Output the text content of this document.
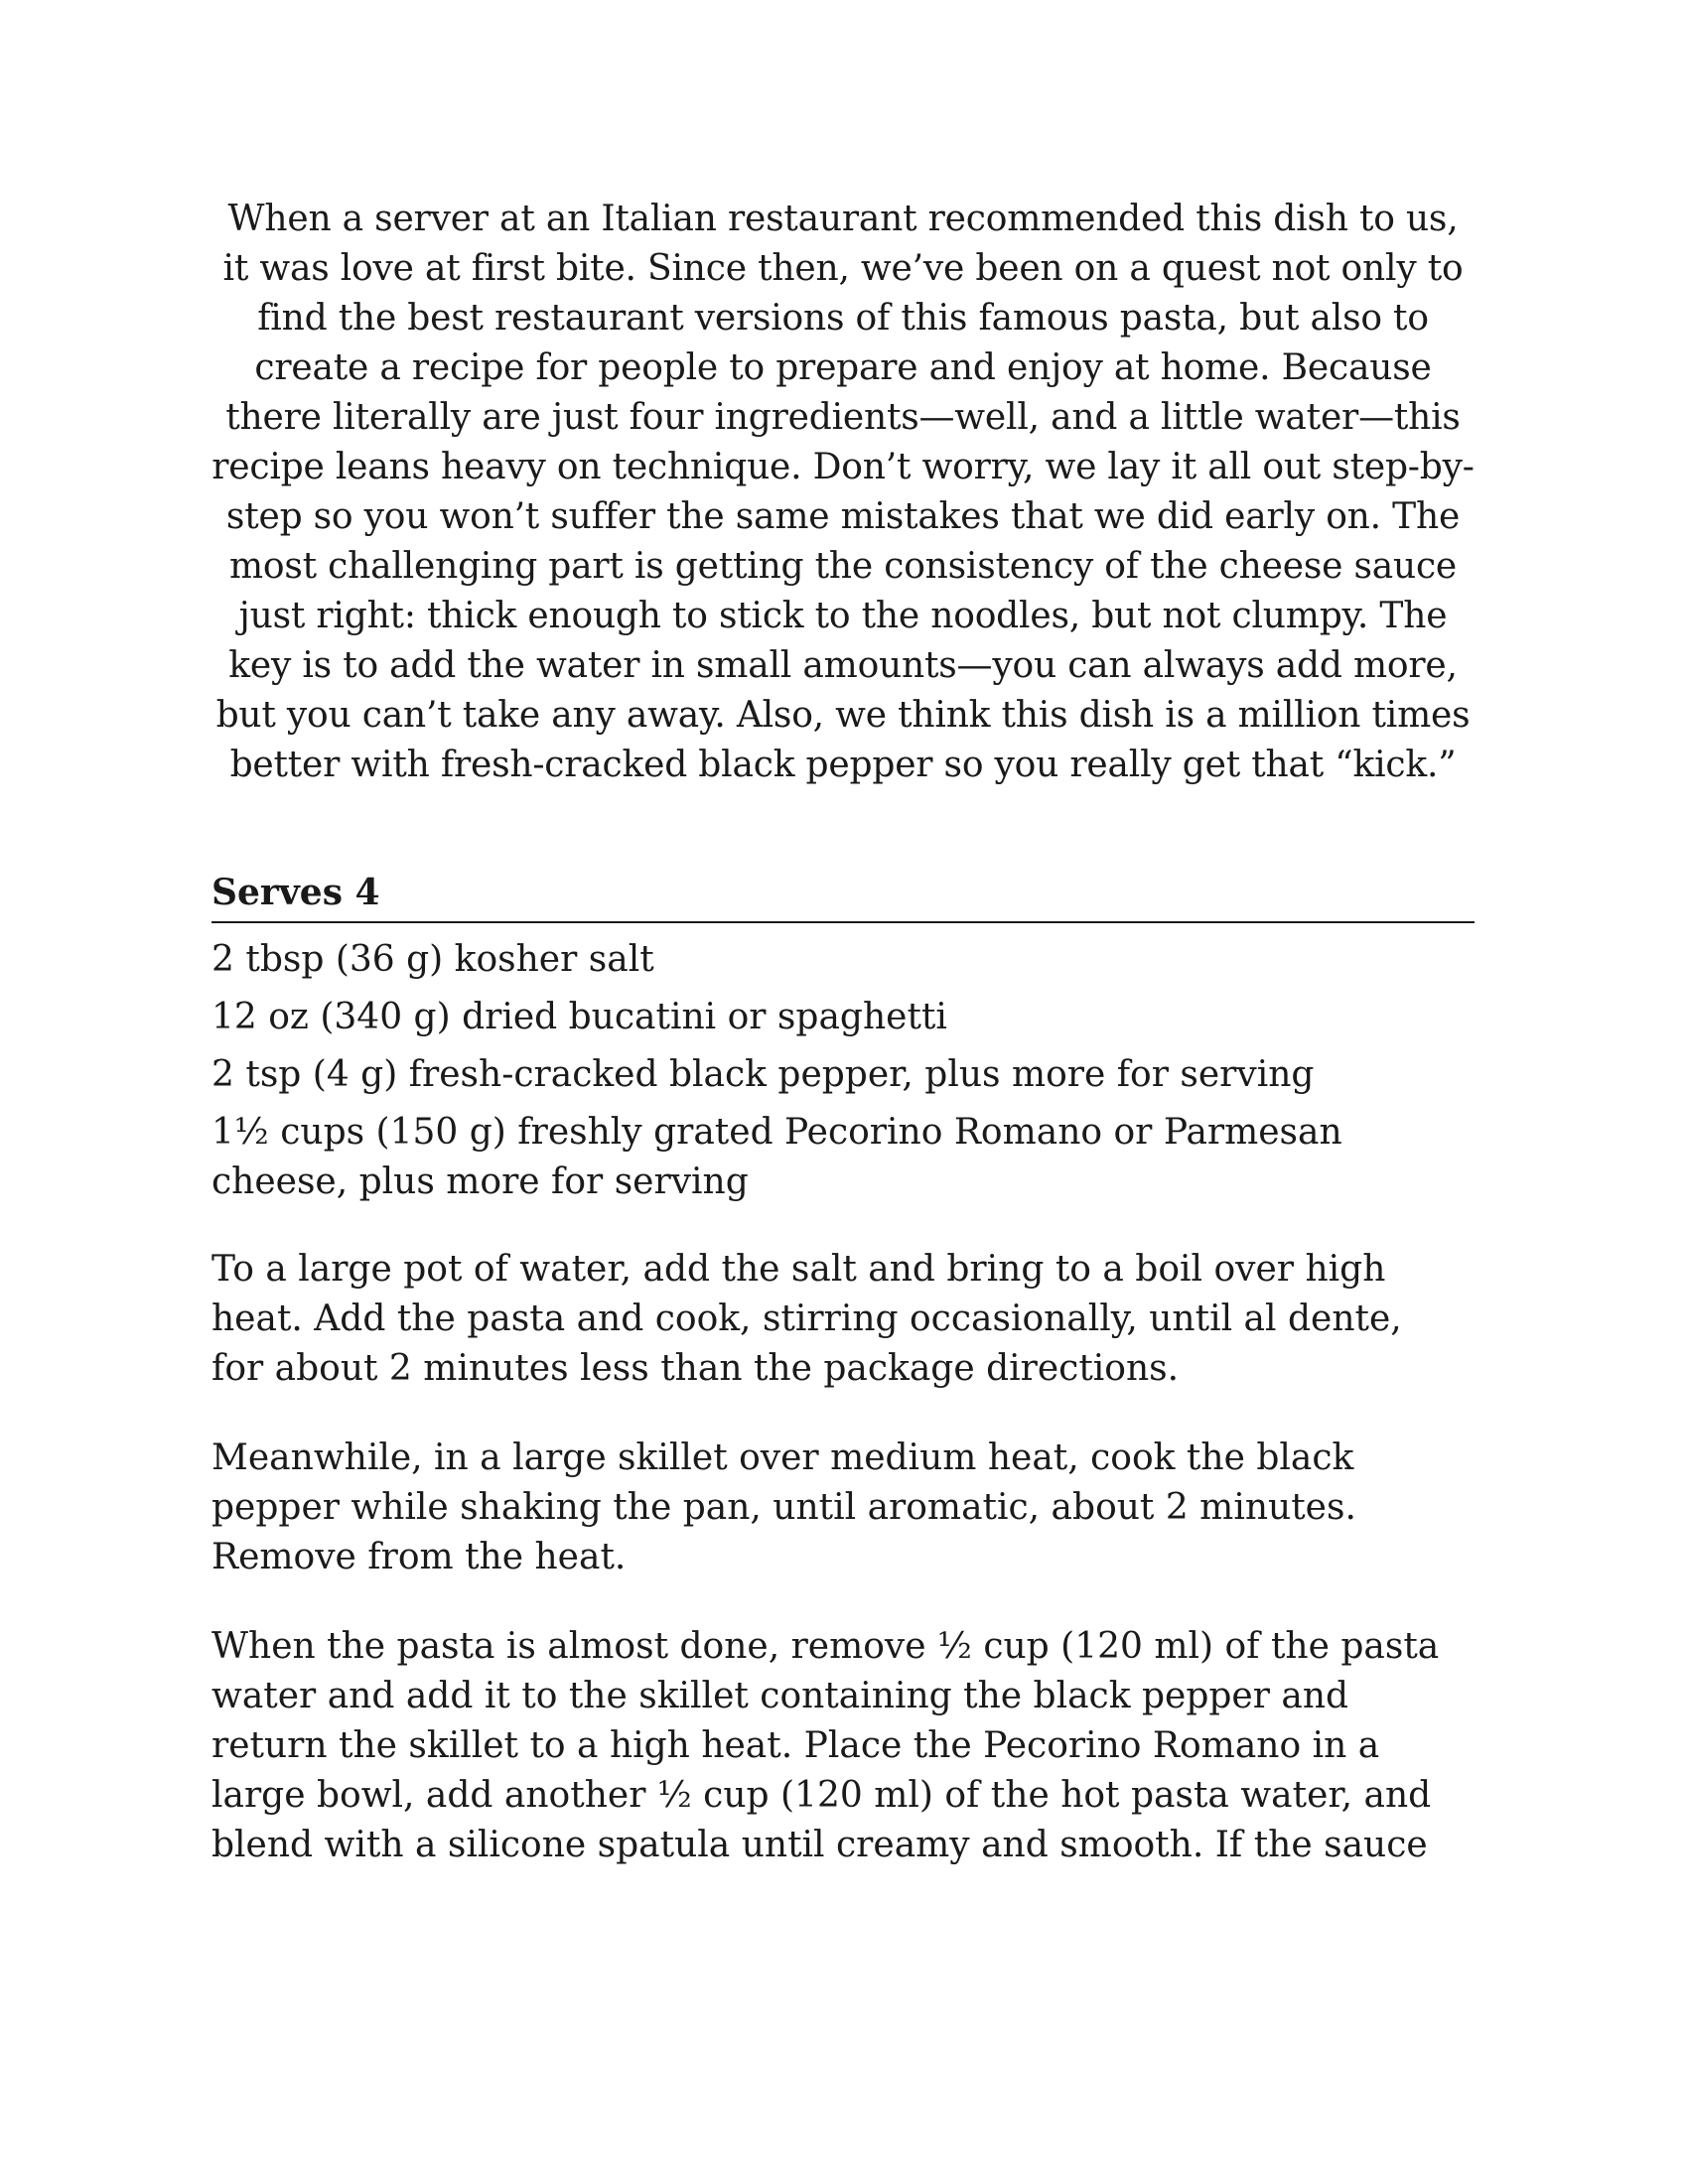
When a server at an Italian restaurant recommended this dish to us, it was love at first bite. Since then, we’ve been on a quest not only to find the best restaurant versions of this famous pasta, but also to create a recipe for people to prepare and enjoy at home. Because there literally are just four ingredients—well, and a little water—this recipe leans heavy on technique. Don’t worry, we lay it all out step-by-step so you won’t suffer the same mistakes that we did early on. The most challenging part is getting the consistency of the cheese sauce just right: thick enough to stick to the noodles, but not clumpy. The key is to add the water in small amounts—you can always add more, but you can’t take any away. Also, we think this dish is a million times better with fresh-cracked black pepper so you really get that “kick.”

Serves 4
2 tbsp (36 g) kosher salt
12 oz (340 g) dried bucatini or spaghetti
2 tsp (4 g) fresh-cracked black pepper, plus more for serving
1½ cups (150 g) freshly grated Pecorino Romano or Parmesan cheese, plus more for serving

To a large pot of water, add the salt and bring to a boil over high heat. Add the pasta and cook, stirring occasionally, until al dente, for about 2 minutes less than the package directions.

Meanwhile, in a large skillet over medium heat, cook the black pepper while shaking the pan, until aromatic, about 2 minutes. Remove from the heat.

When the pasta is almost done, remove ½ cup (120 ml) of the pasta water and add it to the skillet containing the black pepper and return the skillet to a high heat. Place the Pecorino Romano in a large bowl, add another ½ cup (120 ml) of the hot pasta water, and blend with a silicone spatula until creamy and smooth. If the sauce
